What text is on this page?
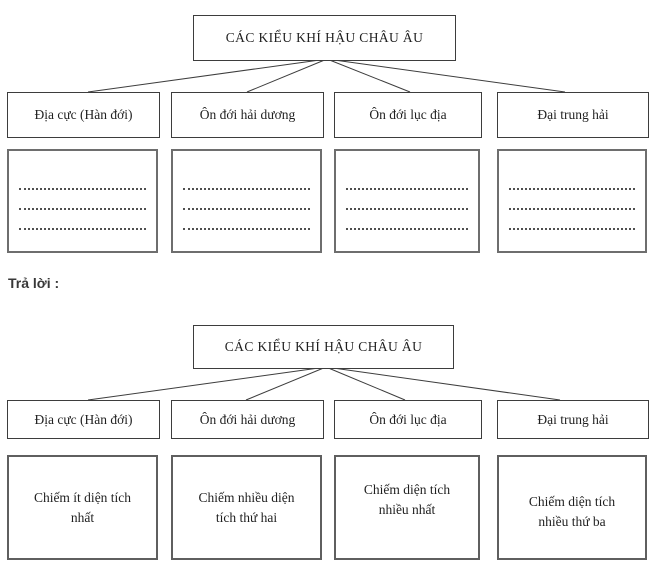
CÁC KIỂU KHÍ HẬU CHÂU ÂU
Địa cực (Hàn đới)	Ôn đới hải dương	Ôn đới lục địa	Đại trung hải
Trả lời :
CÁC KIỂU KHÍ HẬU CHÂU ÂU
Địa cực (Hàn đới)	Ôn đới hải dương	Ôn đới lục địa	Đại trung hải
Chiếm ít diện tích
nhất
Chiếm nhiều diện
tích thứ hai
Chiếm diện tích
nhiều nhất
Chiếm diện tích
nhiều thứ ba
